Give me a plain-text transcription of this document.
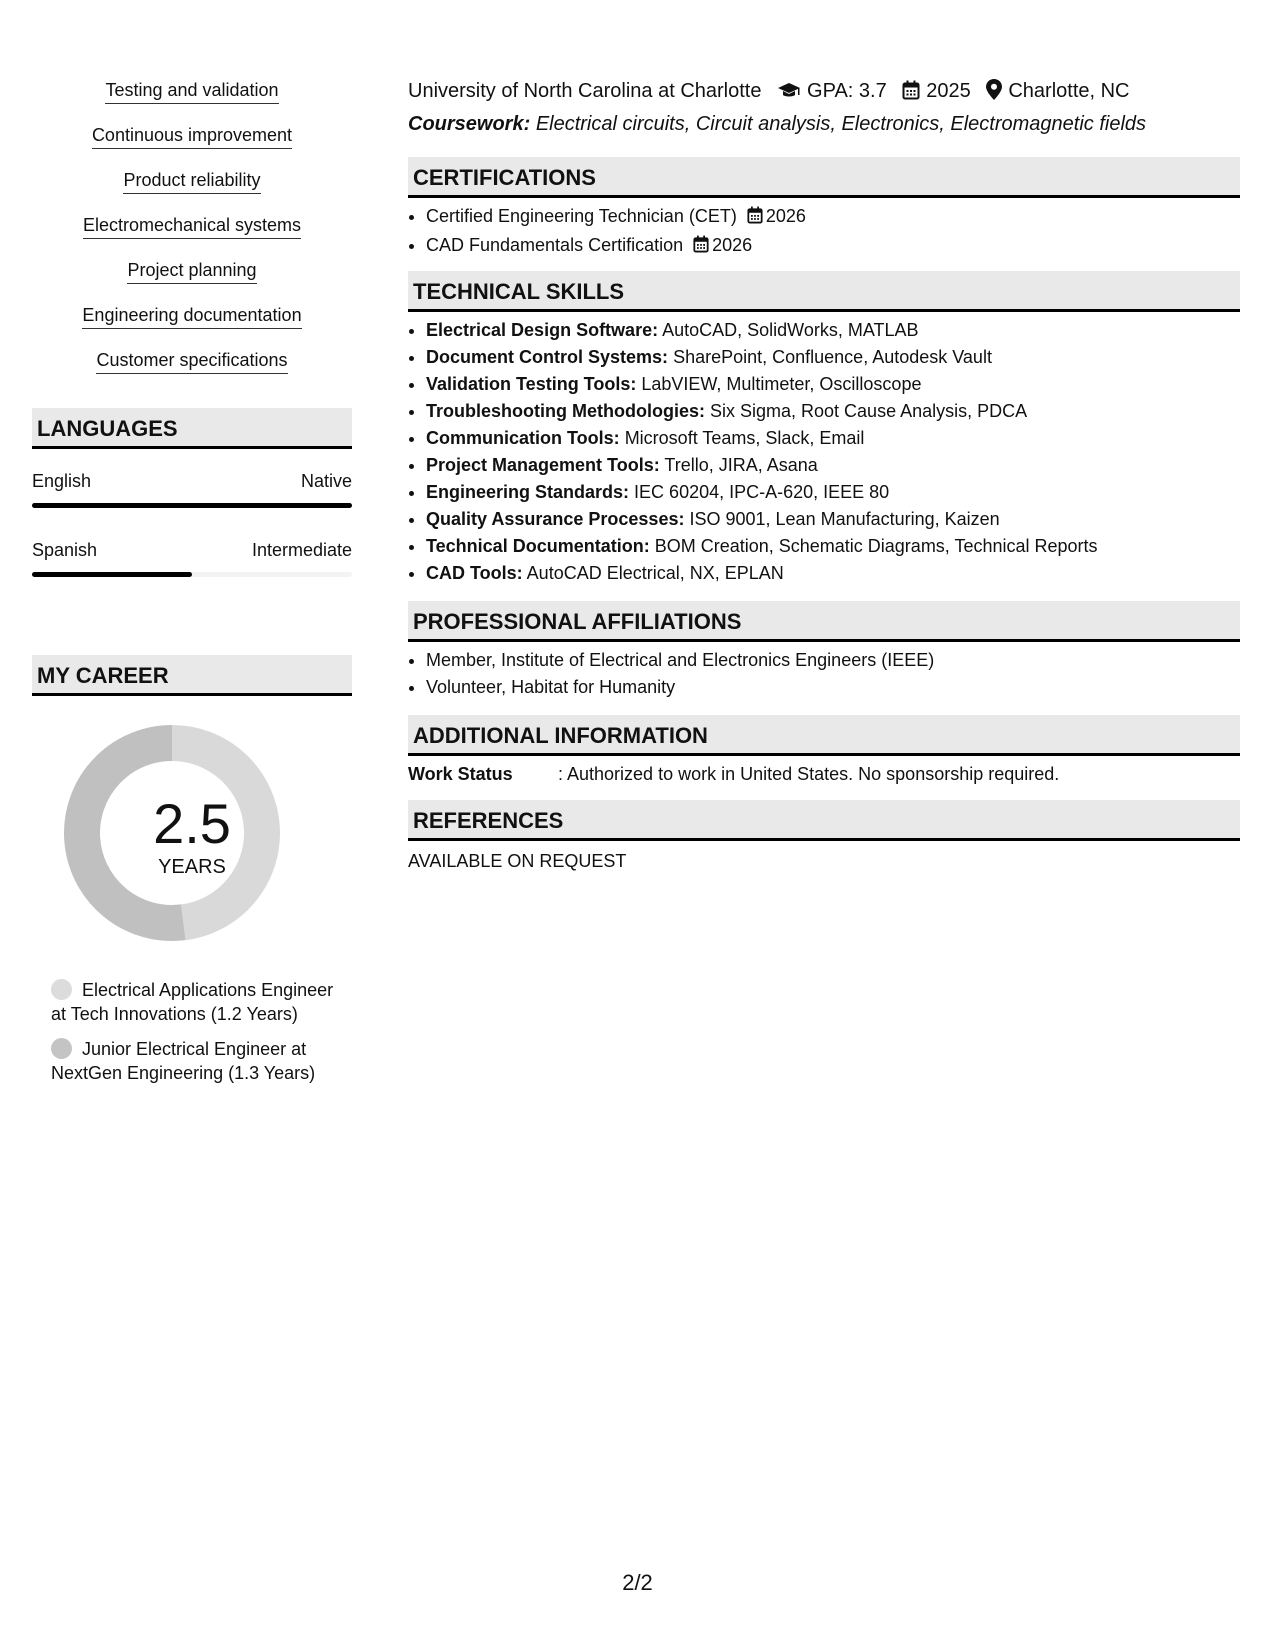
Testing and validation
Continuous improvement
Product reliability
Electromechanical systems
Project planning
Engineering documentation
Customer specifications
LANGUAGES
English	Native
Spanish	Intermediate
MY CAREER
2.5
YEARS
Electrical Applications Engineer at Tech Innovations (1.2 Years)
Junior Electrical Engineer at NextGen Engineering (1.3 Years)
University of North Carolina at Charlotte GPA: 3.7 2025 Charlotte, NC
Coursework: Electrical circuits, Circuit analysis, Electronics, Electromagnetic fields
CERTIFICATIONS
• Certified Engineering Technician (CET) 2026
• CAD Fundamentals Certification 2026
TECHNICAL SKILLS
• Electrical Design Software: AutoCAD, SolidWorks, MATLAB
• Document Control Systems: SharePoint, Confluence, Autodesk Vault
• Validation Testing Tools: LabVIEW, Multimeter, Oscilloscope
• Troubleshooting Methodologies: Six Sigma, Root Cause Analysis, PDCA
• Communication Tools: Microsoft Teams, Slack, Email
• Project Management Tools: Trello, JIRA, Asana
• Engineering Standards: IEC 60204, IPC-A-620, IEEE 80
• Quality Assurance Processes: ISO 9001, Lean Manufacturing, Kaizen
• Technical Documentation: BOM Creation, Schematic Diagrams, Technical Reports
• CAD Tools: AutoCAD Electrical, NX, EPLAN
PROFESSIONAL AFFILIATIONS
• Member, Institute of Electrical and Electronics Engineers (IEEE)
• Volunteer, Habitat for Humanity
ADDITIONAL INFORMATION
Work Status	: Authorized to work in United States. No sponsorship required.
REFERENCES
AVAILABLE ON REQUEST
2/2
